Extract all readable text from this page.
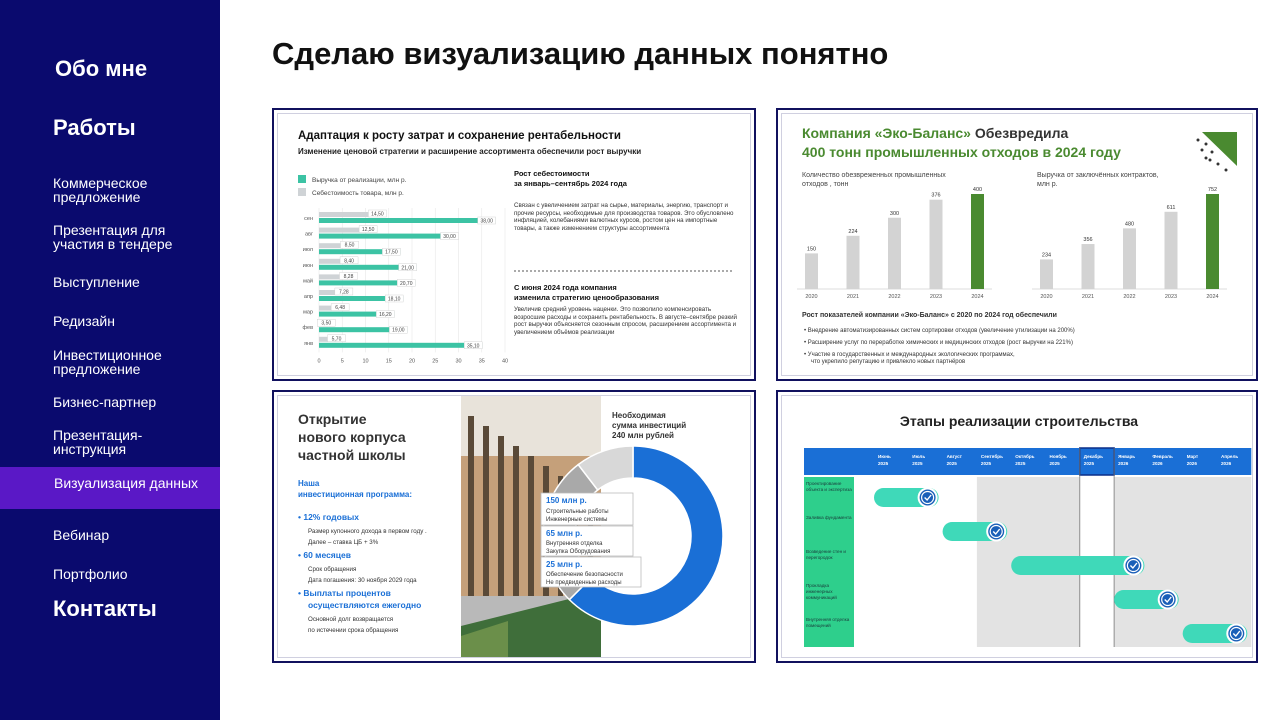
Обо мне
Работы
Коммерческое предложение
Презентация для участия в тендере
Выступление
Редизайн
Инвестиционное предложение
Бизнес-партнер
Презентация-инструкция
Визуализация данных
Вебинар
Портфолио
Контакты
Сделаю визуализацию данных понятно
Адаптация к росту затрат и сохранение рентабельности
Изменение ценовой стратегии и расширение ассортимента обеспечили рост выручки
Выручка от реализации, млн р.
Себестоимость товара, млн р.
0	5	10	15	20	25	30	35	40
сен
14,50
38,00
авг
12,50
30,00
июл
8,50
17,50
июн
8,40
21,00
май
8,28
20,70
апр
7,28
18,10
мар
6,48
16,20
фев
3,50
19,00
янв
5,70
35,10
Рост себестоимости за январь–сентябрь 2024 года
Связан с увеличением затрат на сырье, материалы, энергию, транспорт и прочие ресурсы, необходимые для производства товаров. Это обусловлено инфляцией, колебаниями валютных курсов, ростом цен на импортные товары, а также изменением структуры ассортимента
С июня 2024 года компания изменила стратегию ценообразования
Увеличив средний уровень наценки. Это позволило компенсировать возросшие расходы и сохранить рентабельность. В августе–сентябре резкий рост выручки объясняется сезонным спросом, расширением ассортимента и увеличением объёмов реализации
Компания «Эко-Баланс» Обезвредила
400 тонн промышленных отходов в 2024 году
Количество обезвреженных промышленных отходов , тонн
Выручка от заключённых контрактов, млн р.
150
2020
224
2021
300
2022
376
2023
400
2024
234
2020
356
2021
480
2022
611
2023
752
2024
Рост показателей компании «Эко-Баланс» с 2020 по 2024 год обеспечили
• Внедрение автоматизированных систем сортировки отходов (увеличение утилизации на 200%)
• Расширение услуг по переработке химических и медицинских отходов (рост выручки на 221%)
• Участие в государственных и международных экологических программах, что укрепило репутацию и привлекло новых партнёров
Открытие нового корпуса частной школы
Наша инвестиционная программа:
• 12% годовых
Размер купонного дохода в первом году .
Далее – ставка ЦБ + 3%
• 60 месяцев
Срок обращения
Дата погашения: 30 ноября 2029 года
• Выплаты процентов осуществляются ежегодно
Основной долг возвращается
по истечении срока обращения
Необходимая сумма инвестиций 240 млн рублей
150 млн р.
Строительные работы
Инженерные системы
65 млн р.
Внутренняя отделка
Закупка Оборудования
25 млн р.
Обеспечение безопасности
Не предвиденные расходы
Этапы реализации строительства
Июнь
2025
Июль
2025
Август
2025
Сентябрь
2025
Октябрь
2025
Ноябрь
2025
Декабрь
2025
Январь
2026
Февраль
2026
Март
2026
Апрель
2026
Проектирование объекта и экспертиза
Заливка фундамента
Возведение стен и перегородок
Прокладка инженерных коммуникаций
Внутренняя отделка помещений
